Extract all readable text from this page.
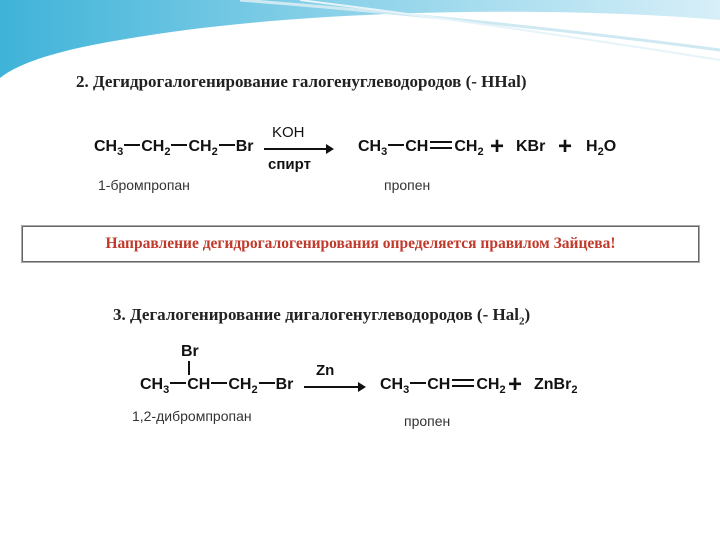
2. Дегидрогалогенирование галогенуглеводородов (- HHal)
$CH_3$ $CH_2$ $CH_2$ Br
KOH
спирт
$CH_3$ CH $CH_2$ + KBr + $H_2O$
1-бромпропан	пропен
Направление дегидрогалогенирования определяется правилом Зайцева!
3. Дегалогенирование дигалогенуглеводородов (- Hal$_2$)
Br
$CH_3$ CH $CH_2$ Br
Zn
→ $CH_3$ CH $CH_2$ + ZnBr$_2$
1,2-дибромпропан	пропен
